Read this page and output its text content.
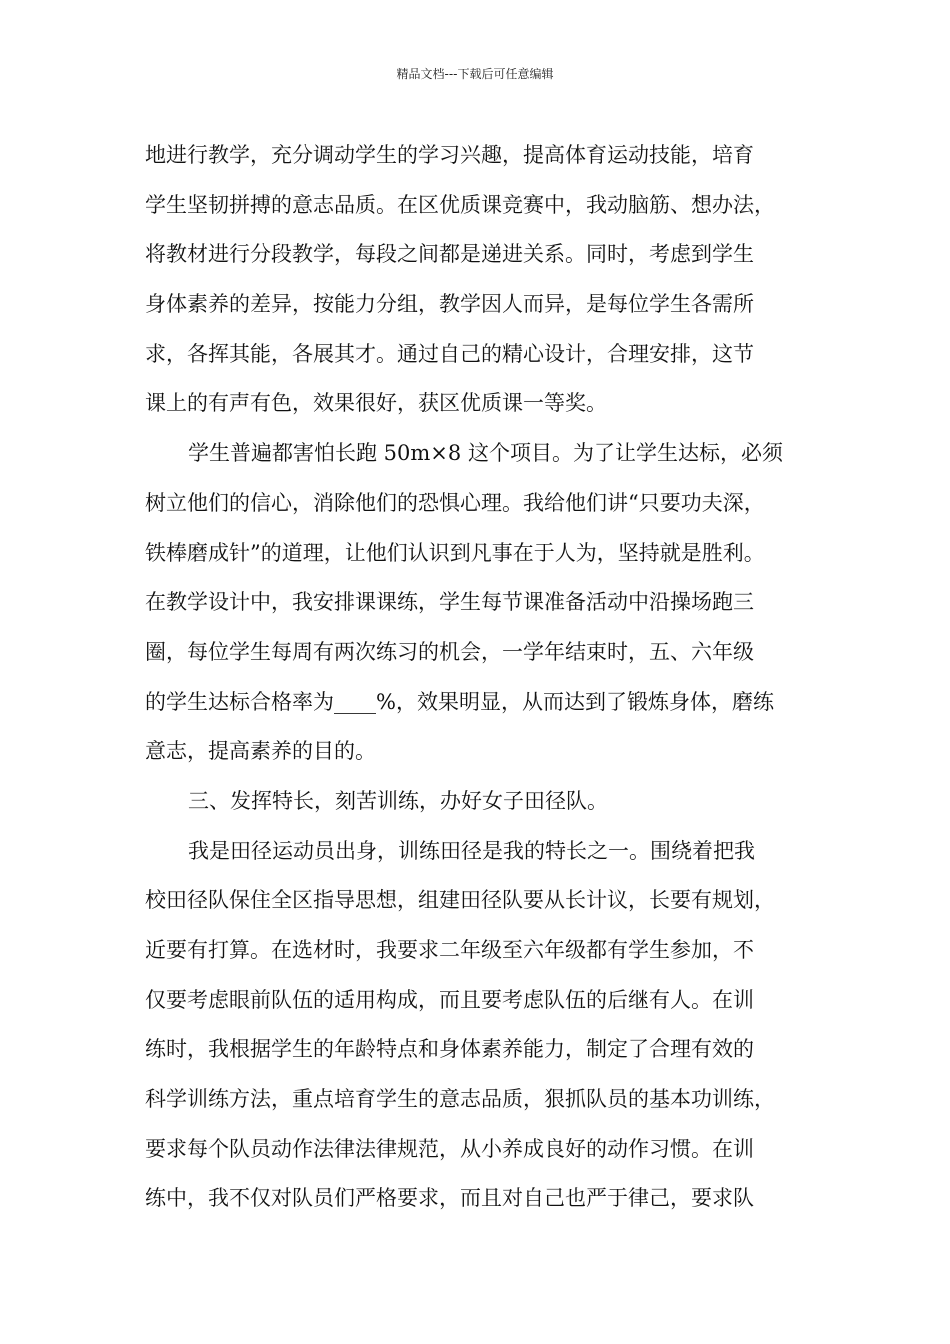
精品文档---下载后可任意编辑
地进行教学，充分调动学生的学习兴趣，提高体育运动技能，培育
学生坚韧拼搏的意志品质。在区优质课竞赛中，我动脑筋、想办法，
将教材进行分段教学，每段之间都是递进关系。同时，考虑到学生
身体素养的差异，按能力分组，教学因人而异，是每位学生各需所
求，各挥其能，各展其才。通过自己的精心设计，合理安排，这节
课上的有声有色，效果很好，获区优质课一等奖。
学生普遍都害怕长跑 50m×8 这个项目。为了让学生达标，必须
树立他们的信心，消除他们的恐惧心理。我给他们讲“只要功夫深，
铁棒磨成针”的道理，让他们认识到凡事在于人为，坚持就是胜利。
在教学设计中，我安排课课练，学生每节课准备活动中沿操场跑三
圈，每位学生每周有两次练习的机会，一学年结束时，五、六年级
的学生达标合格率为____%，效果明显，从而达到了锻炼身体，磨练
意志，提高素养的目的。
三、发挥特长，刻苦训练，办好女子田径队。
我是田径运动员出身，训练田径是我的特长之一。围绕着把我
校田径队保住全区指导思想，组建田径队要从长计议，长要有规划，
近要有打算。在选材时，我要求二年级至六年级都有学生参加，不
仅要考虑眼前队伍的适用构成，而且要考虑队伍的后继有人。在训
练时，我根据学生的年龄特点和身体素养能力，制定了合理有效的
科学训练方法，重点培育学生的意志品质，狠抓队员的基本功训练，
要求每个队员动作法律法律规范，从小养成良好的动作习惯。在训
练中，我不仅对队员们严格要求，而且对自己也严于律己，要求队
